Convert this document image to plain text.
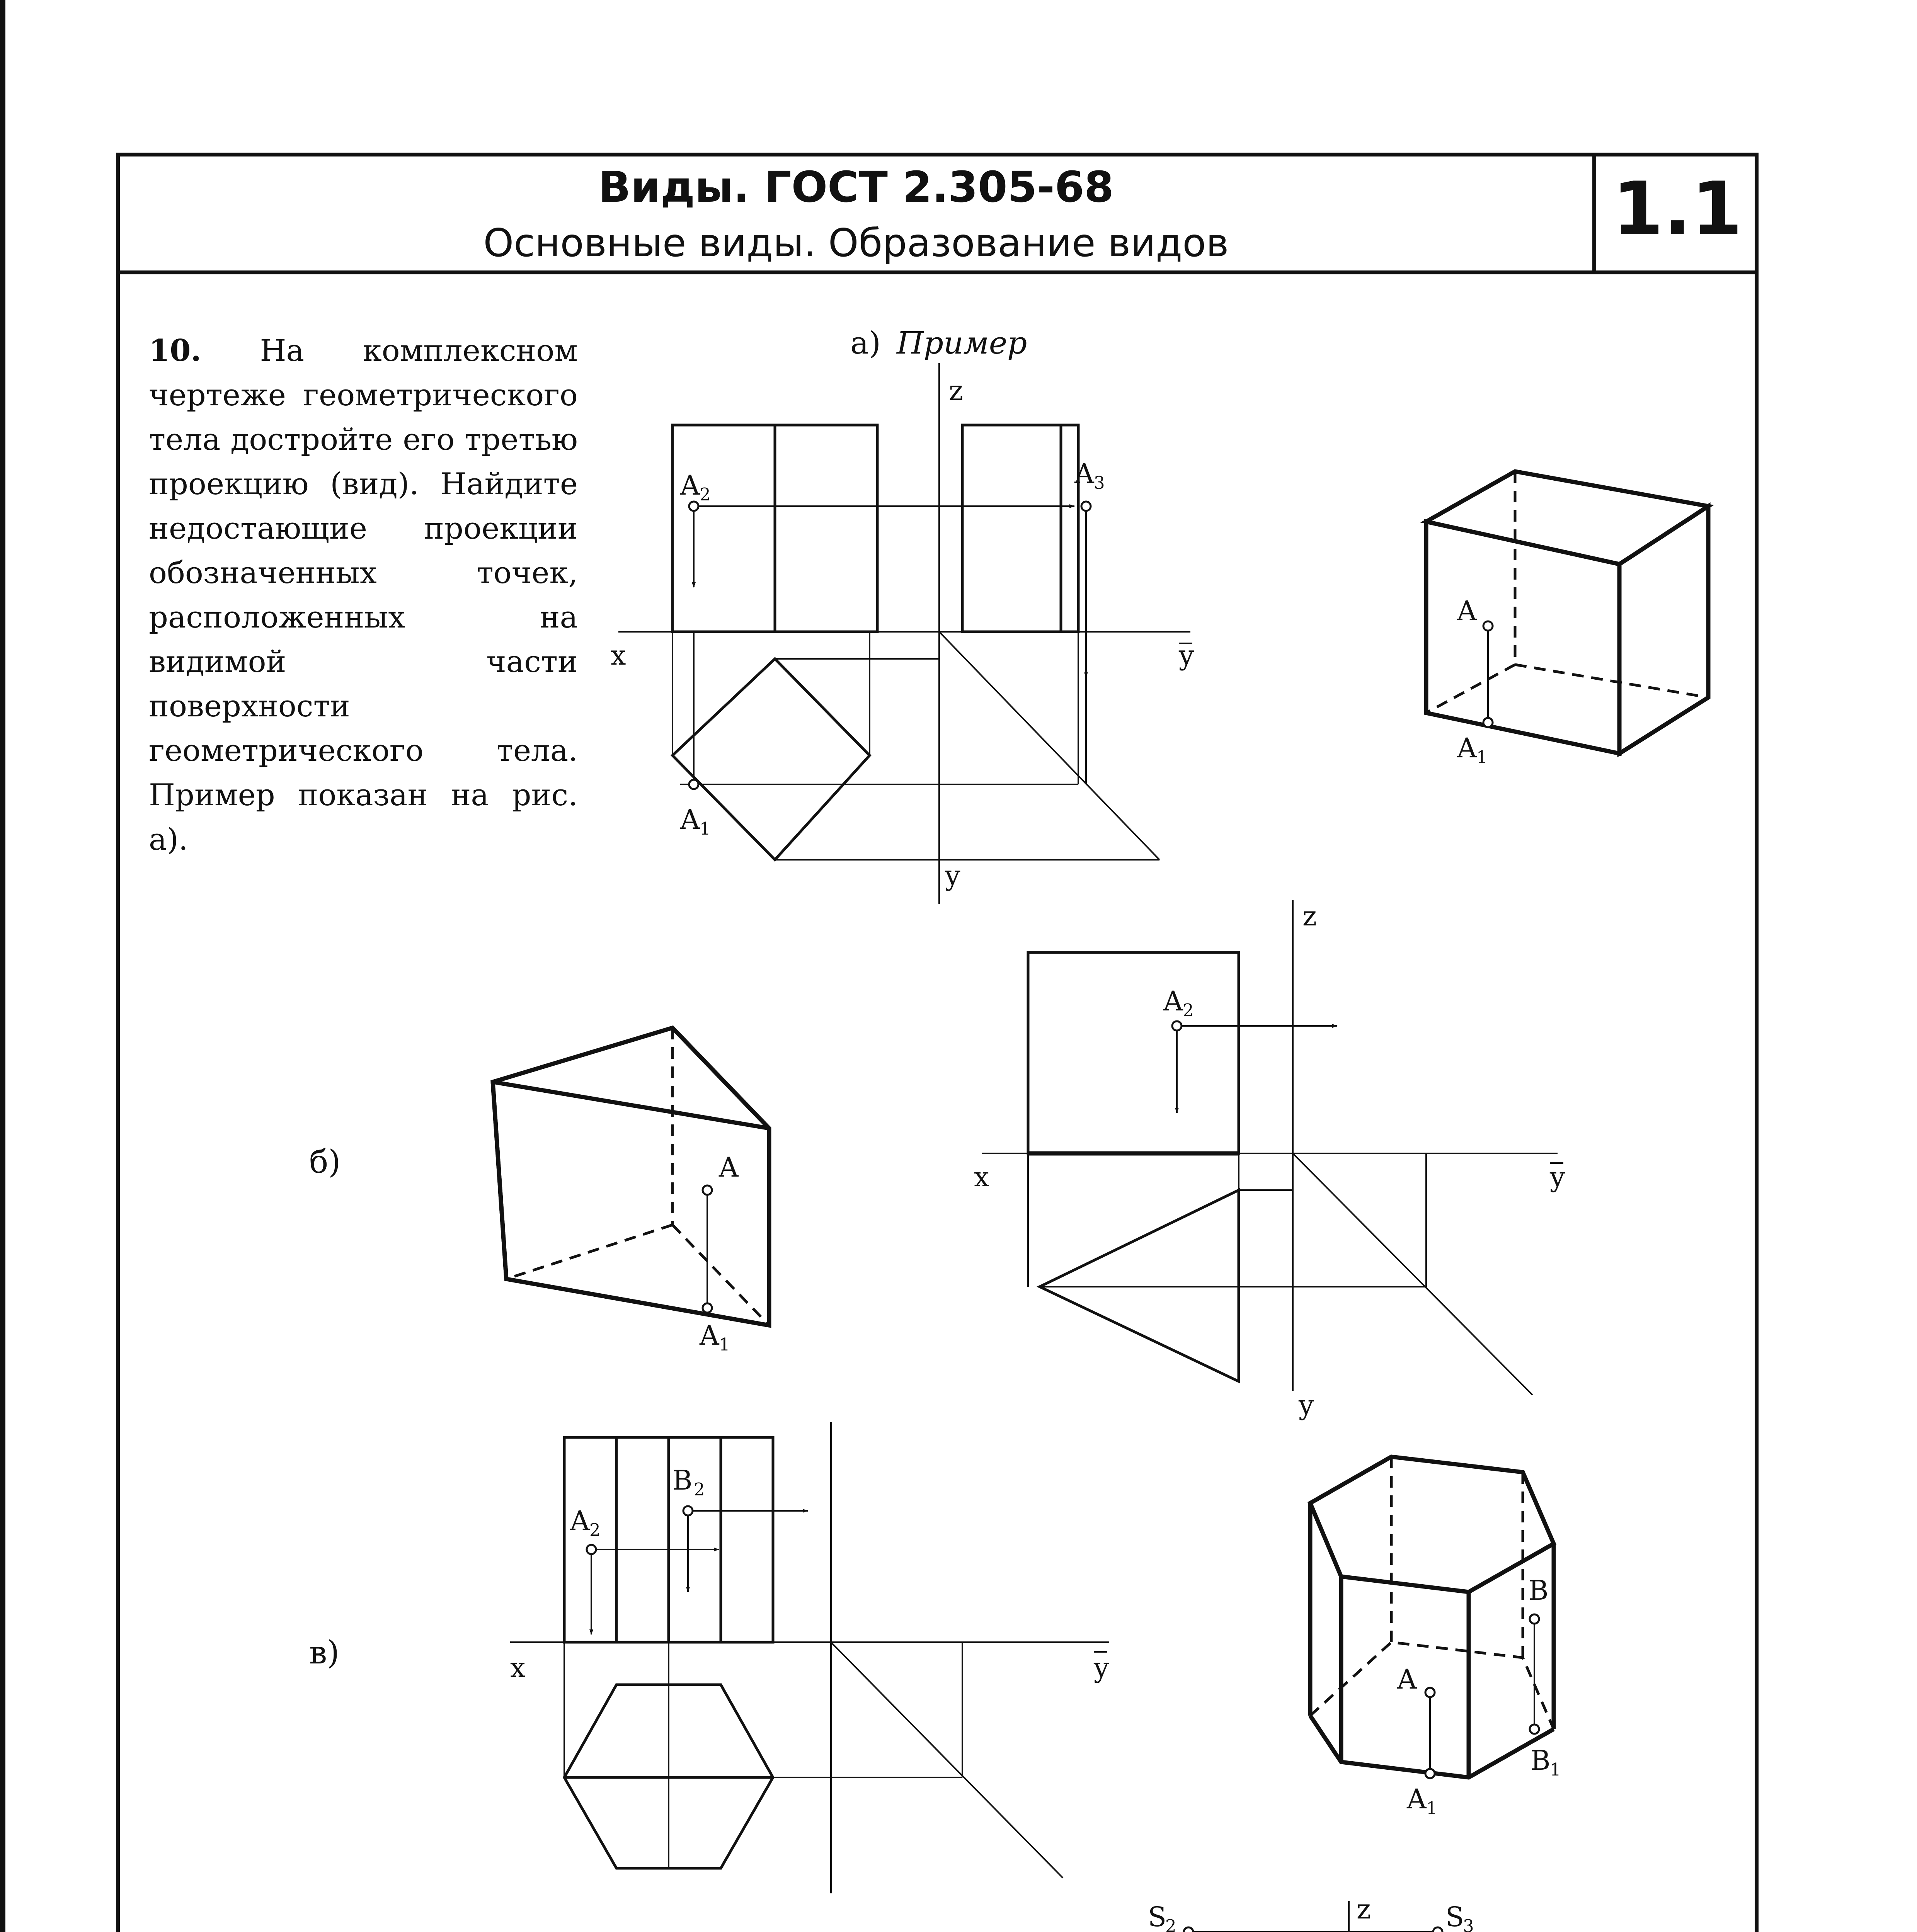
Виды. ГОСТ 2.305-68
Основные виды. Образование видов	1.1
10. На комплексном чертеже геометрического тела достройте его третью проекцию (вид). Найдите недостающие проекции обозначенных точек, расположенных на видимой части поверхности геометрического тела. Пример показан на рис. а).
б)
в)
а) Пример
z
x	y
y
A 2
A 3
A 1
A
A 1
A
A 1
z
x	y
y
A 2
x	y
B 2
A 2
A
A 1
B
B
1
z
S
2	S
3
